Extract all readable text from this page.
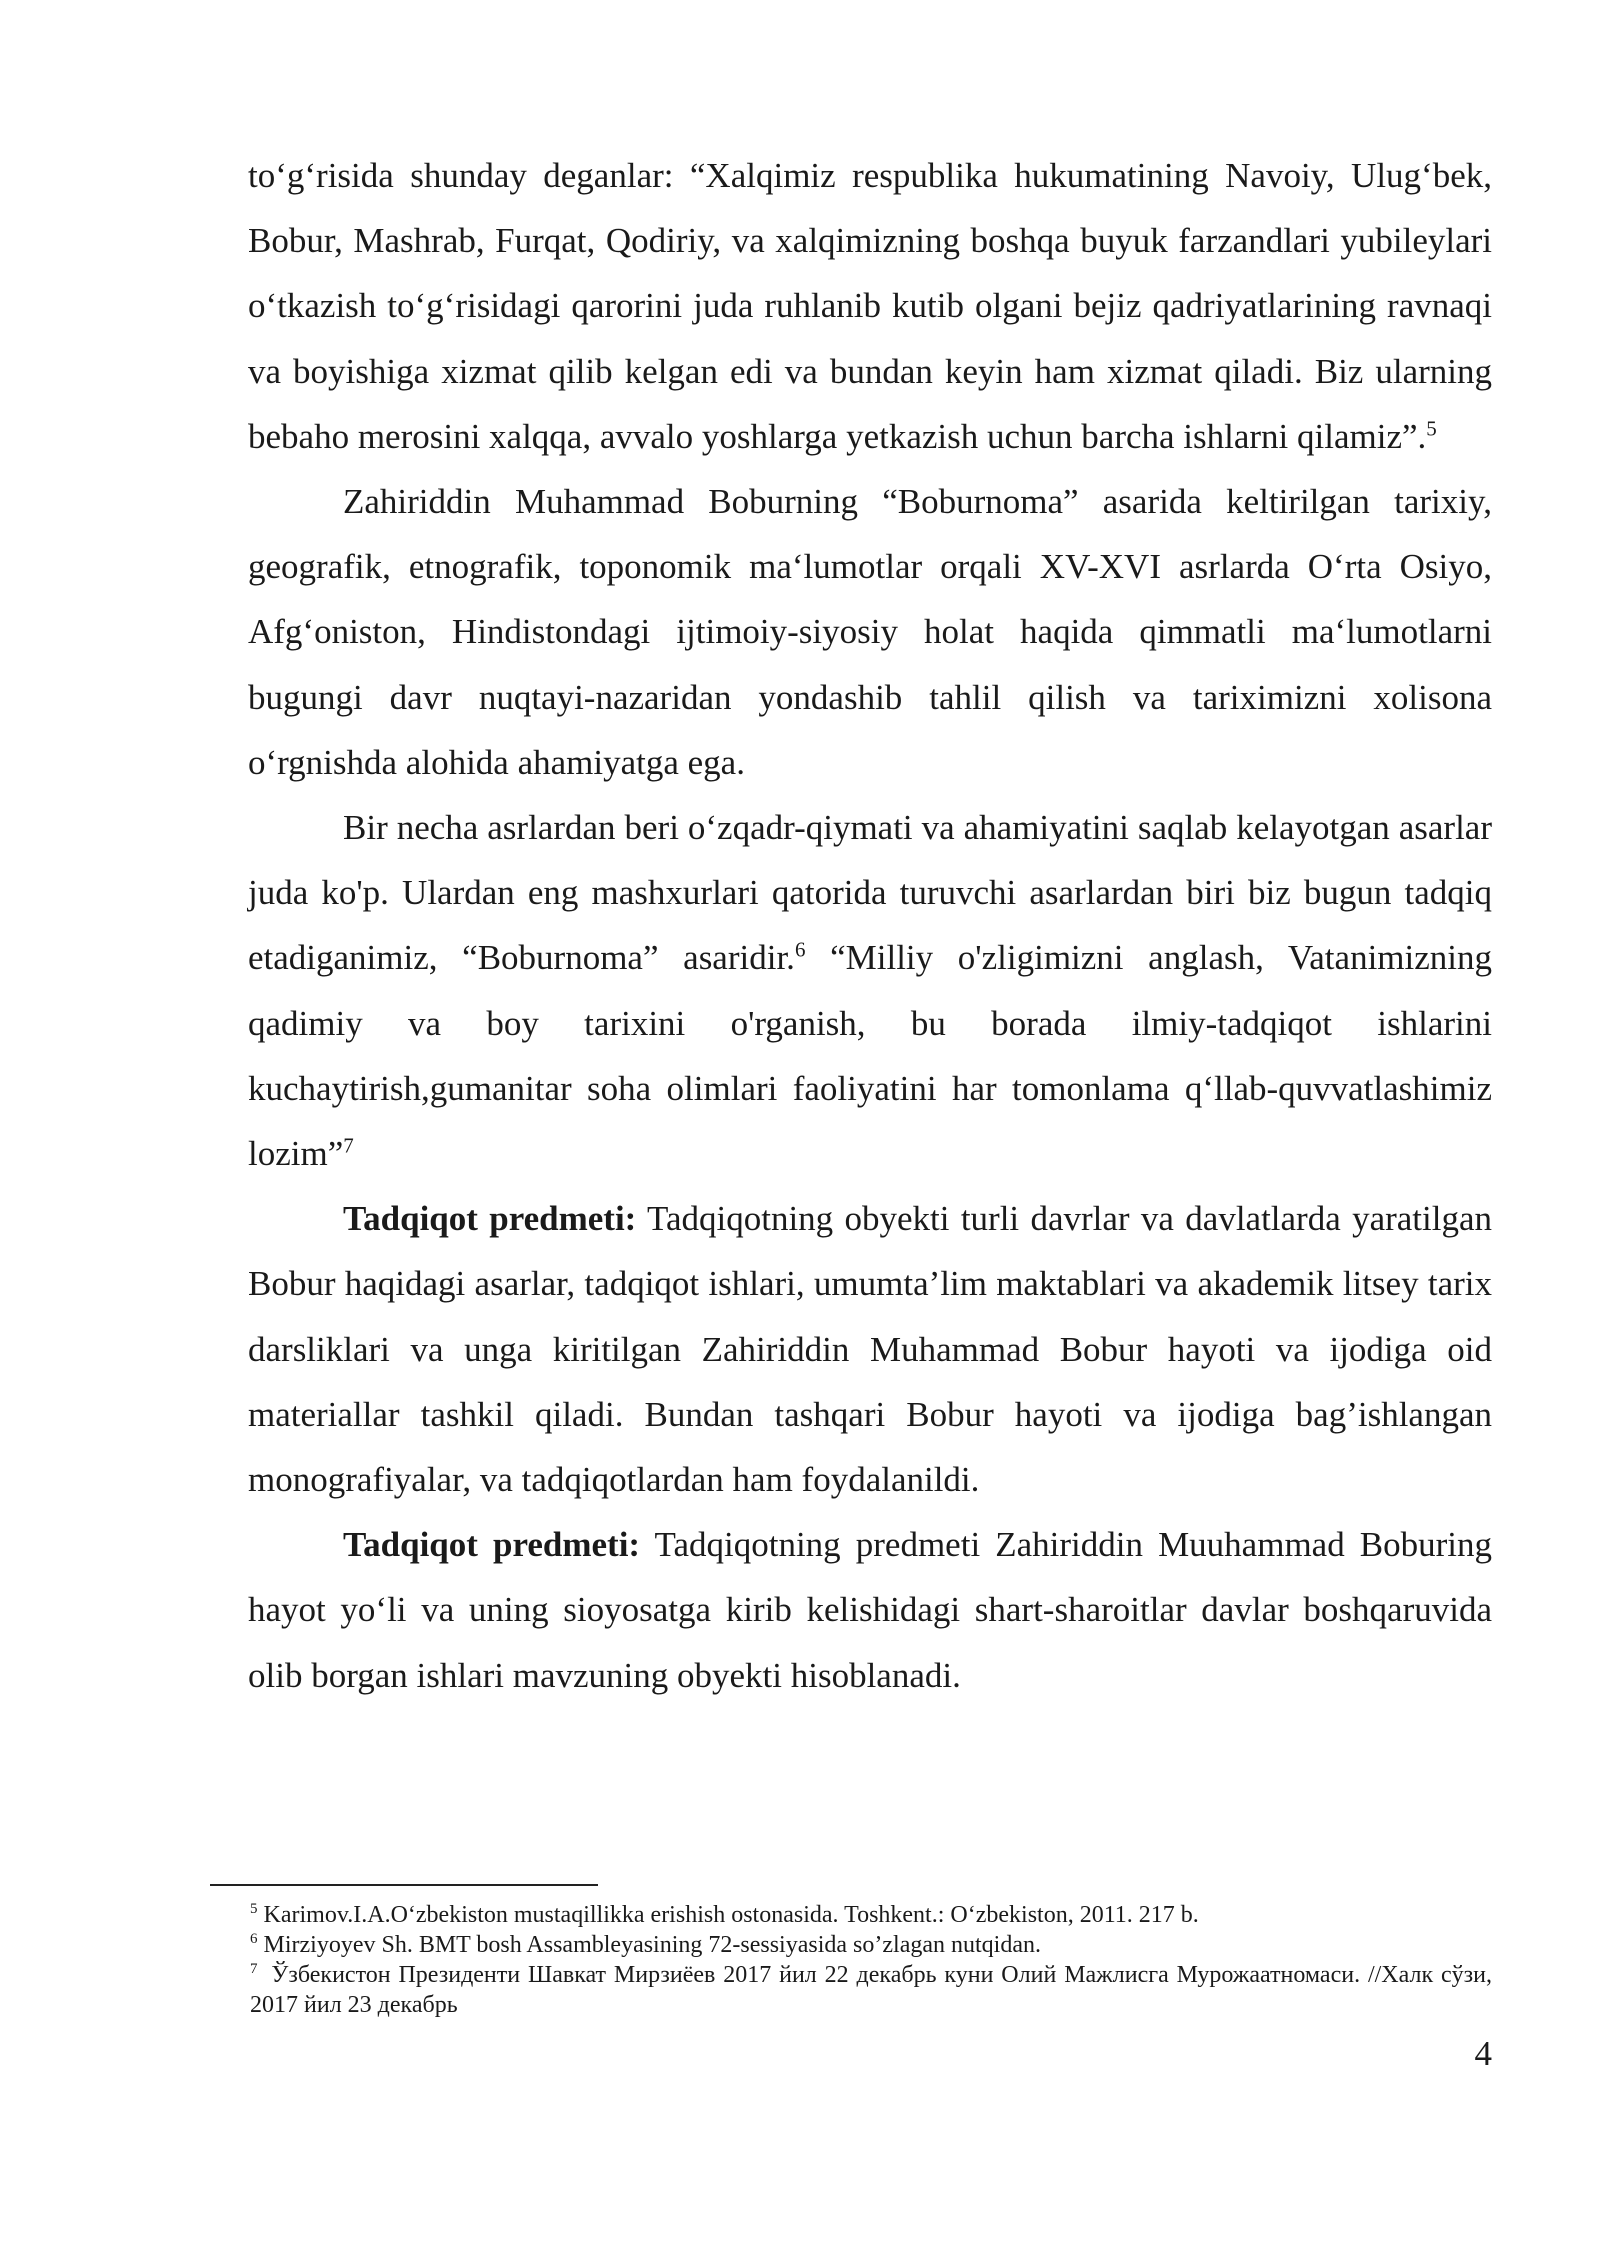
to‘g‘risida shunday deganlar: “Xalqimiz respublika hukumatining Navoiy, Ulug‘bek, Bobur, Mashrab, Furqat, Qodiriy, va xalqimizning boshqa buyuk farzandlari yubileylari o‘tkazish to‘g‘risidagi qarorini juda ruhlanib kutib olgani bejiz qadriyatlarining ravnaqi va boyishiga xizmat qilib kelgan edi va bundan keyin ham xizmat qiladi. Biz ularning bebaho merosini xalqqa, avvalo yoshlarga yetkazish uchun barcha ishlarni qilamiz”.$^5$

Zahiriddin Muhammad Boburning “Boburnoma” asarida keltirilgan tarixiy, geografik, etnografik, toponomik ma‘lumotlar orqali XV-XVI asrlarda O‘rta Osiyo, Afg‘oniston, Hindistondagi ijtimoiy-siyosiy holat haqida qimmatli ma‘lumotlarni bugungi davr nuqtayi-nazaridan yondashib tahlil qilish va tariximizni xolisona o‘rgnishda alohida ahamiyatga ega.

Bir necha asrlardan beri o‘zqadr-qiymati va ahamiyatini saqlab kelayotgan asarlar juda ko'p. Ulardan eng mashxurlari qatorida turuvchi asarlardan biri biz bugun tadqiq etadiganimiz, “Boburnoma” asaridir.$^6$ “Milliy o'zligimizni anglash, Vatanimizning qadimiy va boy tarixini o'rganish, bu borada ilmiy-tadqiqot ishlarini kuchaytirish,gumanitar soha olimlari faoliyatini har tomonlama q‘llab-quvvatlashimiz lozim”$^7$

Tadqiqot predmeti: Tadqiqotning obyekti turli davrlar va davlatlarda yaratilgan Bobur haqidagi asarlar, tadqiqot ishlari, umumta’lim maktablari va akademik litsey tarix darsliklari va unga kiritilgan Zahiriddin Muhammad Bobur hayoti va ijodiga oid materiallar tashkil qiladi. Bundan tashqari Bobur hayoti va ijodiga bag’ishlangan monografiyalar, va tadqiqotlardan ham foydalanildi.

Tadqiqot predmeti: Tadqiqotning predmeti Zahiriddin Muuhammad Boburing hayot yo‘li va uning sioyosatga kirib kelishidagi shart-sharoitlar davlar boshqaruvida olib borgan ishlari mavzuning obyekti hisoblanadi.

$^5$ Karimov.I.A.O‘zbekiston mustaqillikka erishish ostonasida. Toshkent.: O‘zbekiston, 2011. 217 b.

$^6$ Mirziyoyev Sh. BMT bosh Assambleyasining 72-sessiyasida so’zlagan nutqidan.

$^7$ Ўзбекистон Президенти Шавкат Мирзиёев 2017 йил 22 декабрь куни Олий Мажлисга Мурожаатномаси. //Халк сўзи, 2017 йил 23 декабрь

4
